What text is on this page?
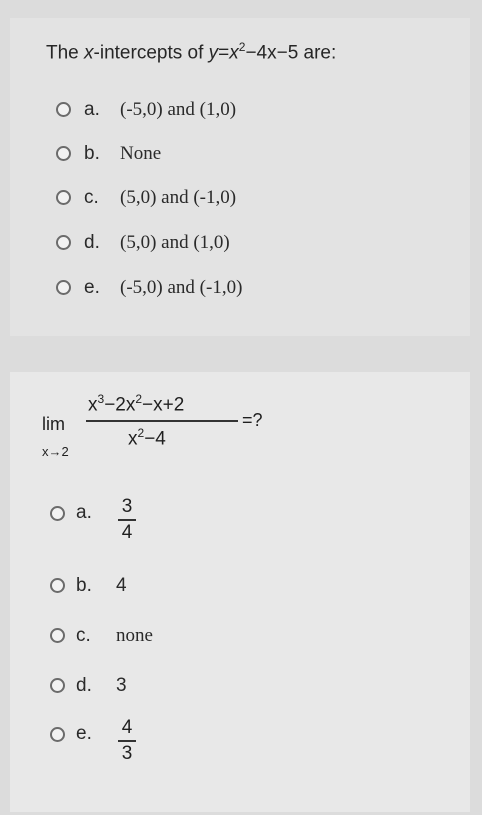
The x-intercepts of $y=x^2-4x-5$ are:
a. (-5,0) and (1,0)
b. None
c. (5,0) and (-1,0)
d. (5,0) and (1,0)
e. (-5,0) and (-1,0)
lim
x→2
$x^3-2x^2-x+2$
$x^2-4$
=?
a. 3
4
b. 4
c. none
d. 3
e. 4
3
